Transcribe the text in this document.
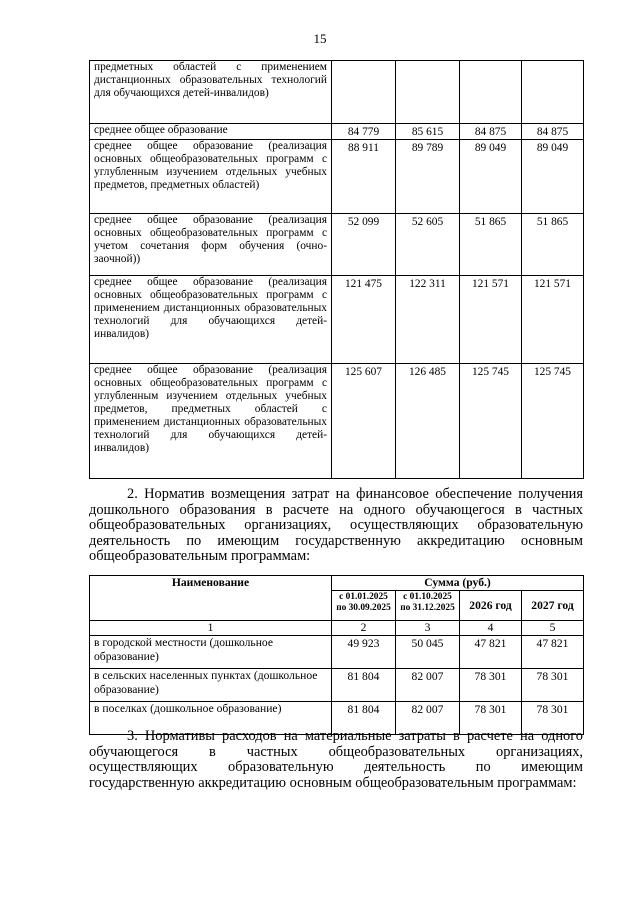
15
предметных областей с применением дистанционных образовательных технологий для обучающихся детей-инвалидов)				
среднее общее образование	84 779	85 615	84 875	84 875
среднее общее образование (реализация основных общеобразовательных программ с углубленным изучением отдельных учебных предметов, предметных областей)	88 911	89 789	89 049	89 049
среднее общее образование (реализация основных общеобразовательных программ с учетом сочетания форм обучения (очно-заочной))	52 099	52 605	51 865	51 865
среднее общее образование (реализация основных общеобразовательных программ с применением дистанционных образовательных технологий для обучающихся детей-инвалидов)	121 475	122 311	121 571	121 571
среднее общее образование (реализация основных общеобразовательных программ с углубленным изучением отдельных учебных предметов, предметных областей с применением дистанционных образовательных технологий для обучающихся детей-инвалидов)	125 607	126 485	125 745	125 745
2. Норматив возмещения затрат на финансовое обеспечение получения дошкольного образования в расчете на одного обучающегося в частных общеобразовательных организациях, осуществляющих образовательную деятельность по имеющим государственную аккредитацию основным общеобразовательным программам:
Наименование	Сумма (руб.)			
	с 01.01.2025 по 30.09.2025	с 01.10.2025 по 31.12.2025	2026 год	2027 год
1	2	3	4	5
в городской местности (дошкольное образование)	49 923	50 045	47 821	47 821
в сельских населенных пунктах (дошкольное образование)	81 804	82 007	78 301	78 301
в поселках (дошкольное образование)	81 804	82 007	78 301	78 301
3. Нормативы расходов на материальные затраты в расчете на одного обучающегося в частных общеобразовательных организациях, осуществляющих образовательную деятельность по имеющим государственную аккредитацию основным общеобразовательным программам:
